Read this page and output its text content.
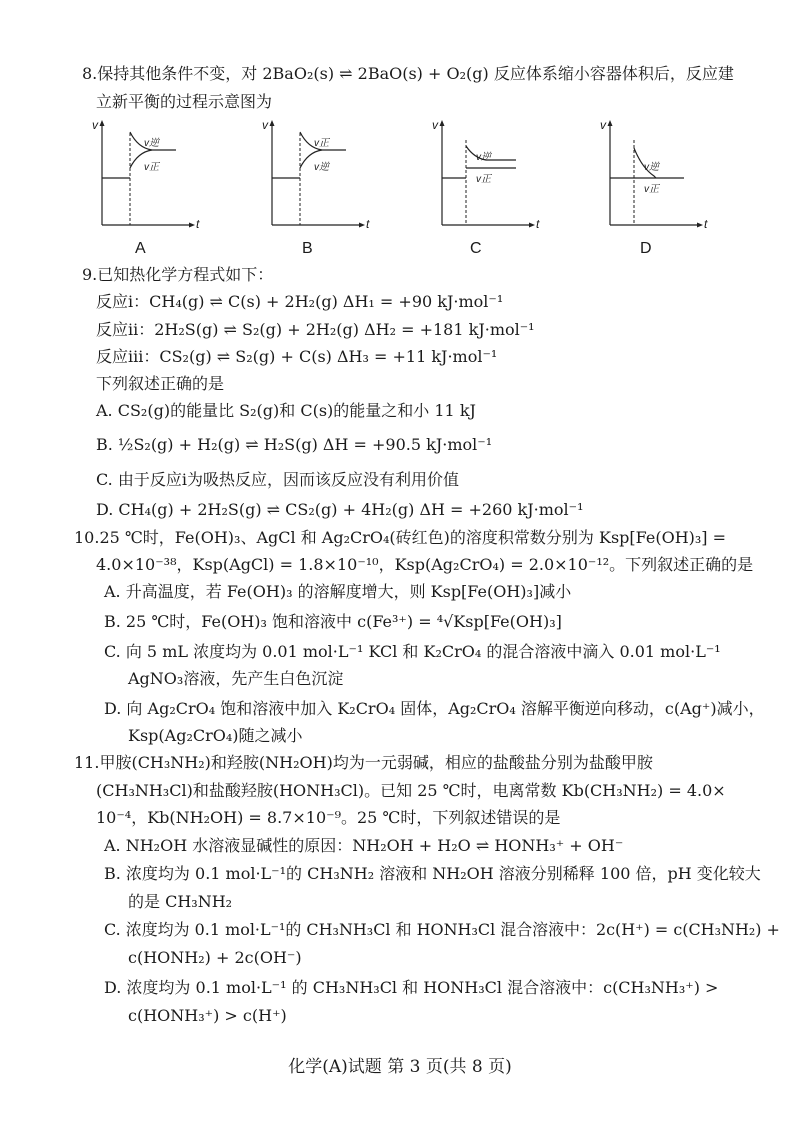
8.保持其他条件不变，对 2BaO₂(s) ⇌ 2BaO(s) + O₂(g) 反应体系缩小容器体积后，反应建
立新平衡的过程示意图为
v
t
v逆
v正
A
v
t
v正
v逆
B
v
t
v逆
v正
C
v
t
v逆
v正
D
9.已知热化学方程式如下：
反应ⅰ：CH₄(g) ⇌ C(s) + 2H₂(g) ΔH₁ = +90 kJ·mol⁻¹
反应ⅱ：2H₂S(g) ⇌ S₂(g) + 2H₂(g) ΔH₂ = +181 kJ·mol⁻¹
反应ⅲ：CS₂(g) ⇌ S₂(g) + C(s) ΔH₃ = +11 kJ·mol⁻¹
下列叙述正确的是
A. CS₂(g)的能量比 S₂(g)和 C(s)的能量之和小 11 kJ
B. ½S₂(g) + H₂(g) ⇌ H₂S(g) ΔH = +90.5 kJ·mol⁻¹
C. 由于反应ⅰ为吸热反应，因而该反应没有利用价值
D. CH₄(g) + 2H₂S(g) ⇌ CS₂(g) + 4H₂(g) ΔH = +260 kJ·mol⁻¹
10.25 ℃时，Fe(OH)₃、AgCl 和 Ag₂CrO₄(砖红色)的溶度积常数分别为 Ksp[Fe(OH)₃] =
4.0×10⁻³⁸，Ksp(AgCl) = 1.8×10⁻¹⁰，Ksp(Ag₂CrO₄) = 2.0×10⁻¹²。下列叙述正确的是
A. 升高温度，若 Fe(OH)₃ 的溶解度增大，则 Ksp[Fe(OH)₃]减小
B. 25 ℃时，Fe(OH)₃ 饱和溶液中 c(Fe³⁺) = ⁴√Ksp[Fe(OH)₃]
C. 向 5 mL 浓度均为 0.01 mol·L⁻¹ KCl 和 K₂CrO₄ 的混合溶液中滴入 0.01 mol·L⁻¹
AgNO₃溶液，先产生白色沉淀
D. 向 Ag₂CrO₄ 饱和溶液中加入 K₂CrO₄ 固体，Ag₂CrO₄ 溶解平衡逆向移动，c(Ag⁺)减小，
Ksp(Ag₂CrO₄)随之减小
11.甲胺(CH₃NH₂)和羟胺(NH₂OH)均为一元弱碱，相应的盐酸盐分别为盐酸甲胺
(CH₃NH₃Cl)和盐酸羟胺(HONH₃Cl)。已知 25 ℃时，电离常数 Kb(CH₃NH₂) = 4.0×
10⁻⁴，Kb(NH₂OH) = 8.7×10⁻⁹。25 ℃时，下列叙述错误的是
A. NH₂OH 水溶液显碱性的原因：NH₂OH + H₂O ⇌ HONH₃⁺ + OH⁻
B. 浓度均为 0.1 mol·L⁻¹的 CH₃NH₂ 溶液和 NH₂OH 溶液分别稀释 100 倍，pH 变化较大
的是 CH₃NH₂
C. 浓度均为 0.1 mol·L⁻¹的 CH₃NH₃Cl 和 HONH₃Cl 混合溶液中：2c(H⁺) = c(CH₃NH₂) +
c(HONH₂) + 2c(OH⁻)
D. 浓度均为 0.1 mol·L⁻¹ 的 CH₃NH₃Cl 和 HONH₃Cl 混合溶液中：c(CH₃NH₃⁺) >
c(HONH₃⁺) > c(H⁺)
化学(A)试题 第 3 页(共 8 页)
